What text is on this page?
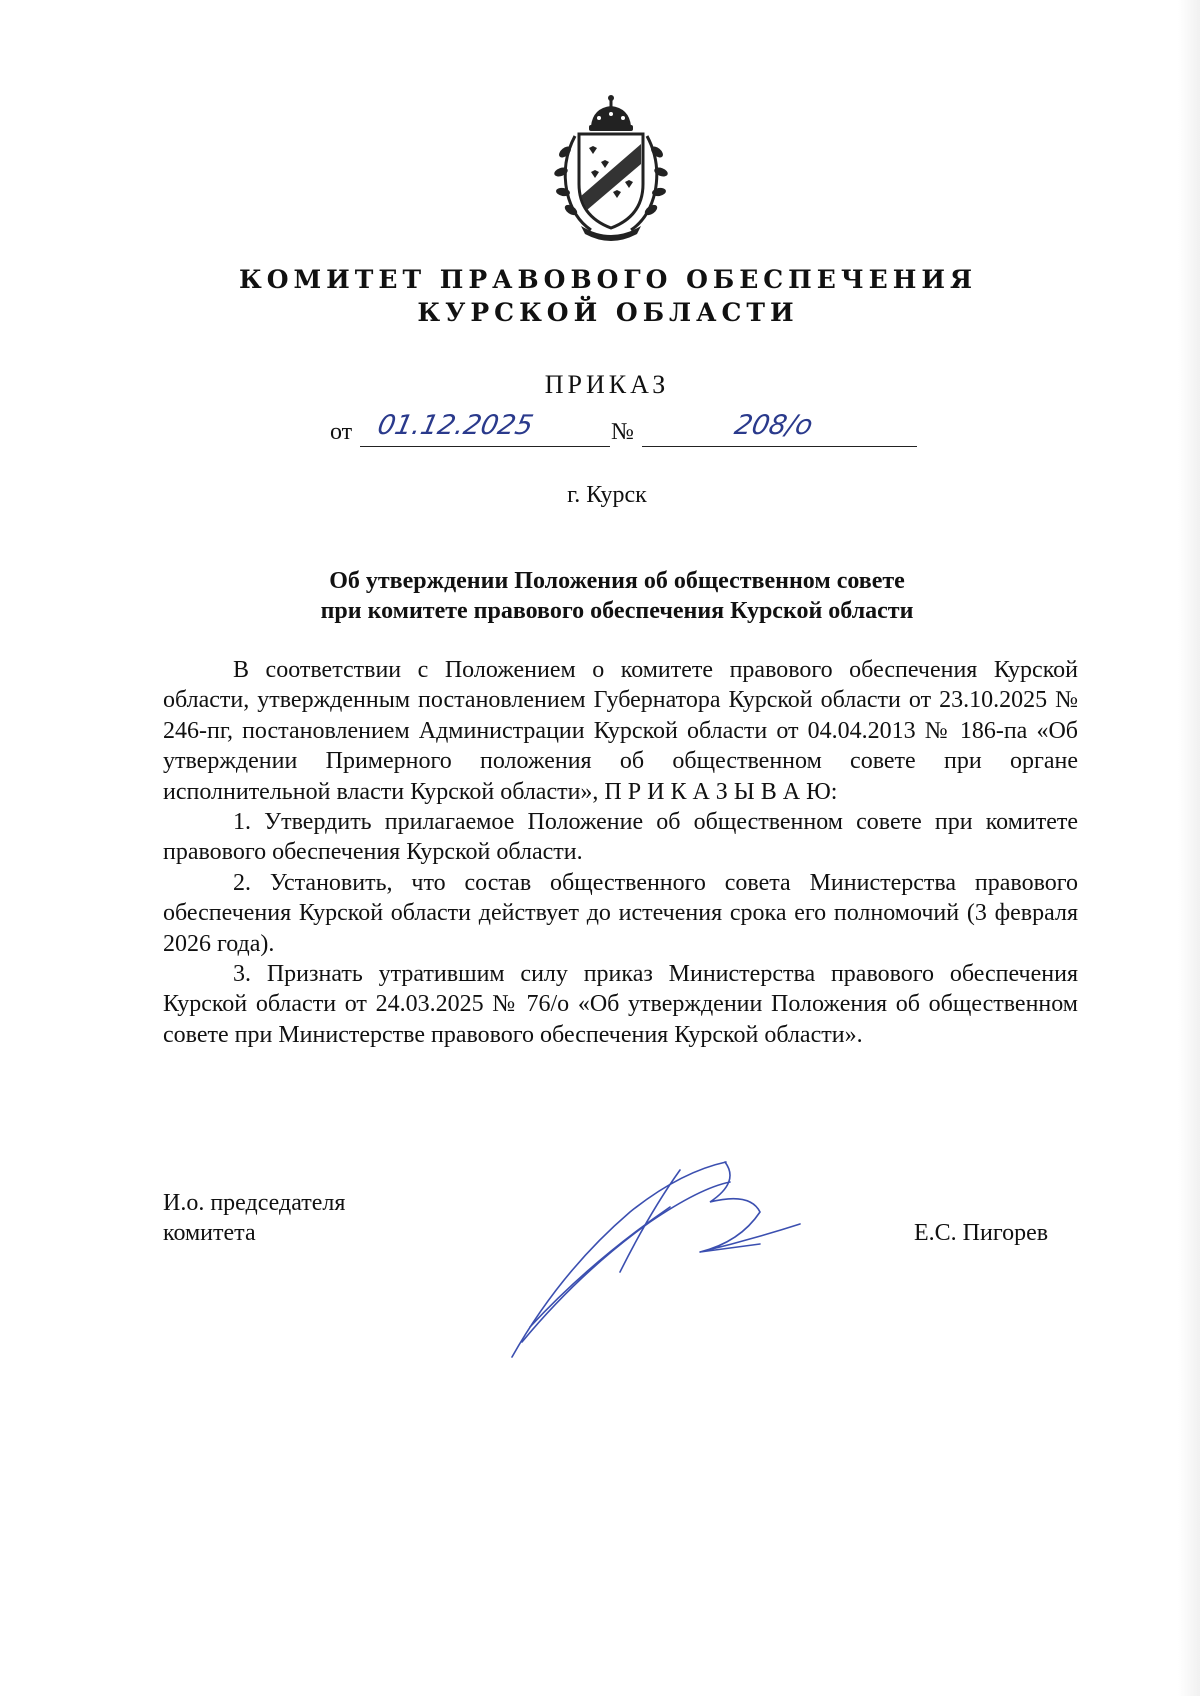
КОМИТЕТ ПРАВОВОГО ОБЕСПЕЧЕНИЯ
КУРСКОЙ ОБЛАСТИ
ПРИКАЗ
от 01.12.2025	№	208/о
г. Курск
Об утверждении Положения об общественном совете
при комитете правового обеспечения Курской области

В соответствии с Положением о комитете правового обеспечения Курской области, утвержденным постановлением Губернатора Курской области от 23.10.2025 № 246-пг, постановлением Администрации Курской области от 04.04.2013 № 186-па «Об утверждении Примерного положения об общественном совете при органе исполнительной власти Курской области», П Р И К А З Ы В А Ю:

1. Утвердить прилагаемое Положение об общественном совете при комитете правового обеспечения Курской области.

2. Установить, что состав общественного совета Министерства правового обеспечения Курской области действует до истечения срока его полномочий (3 февраля 2026 года).

3. Признать утратившим силу приказ Министерства правового обеспечения Курской области от 24.03.2025 № 76/о «Об утверждении Положения об общественном совете при Министерстве правового обеспечения Курской области».

И.о. председателя
комитета	Е.С. Пигорев
